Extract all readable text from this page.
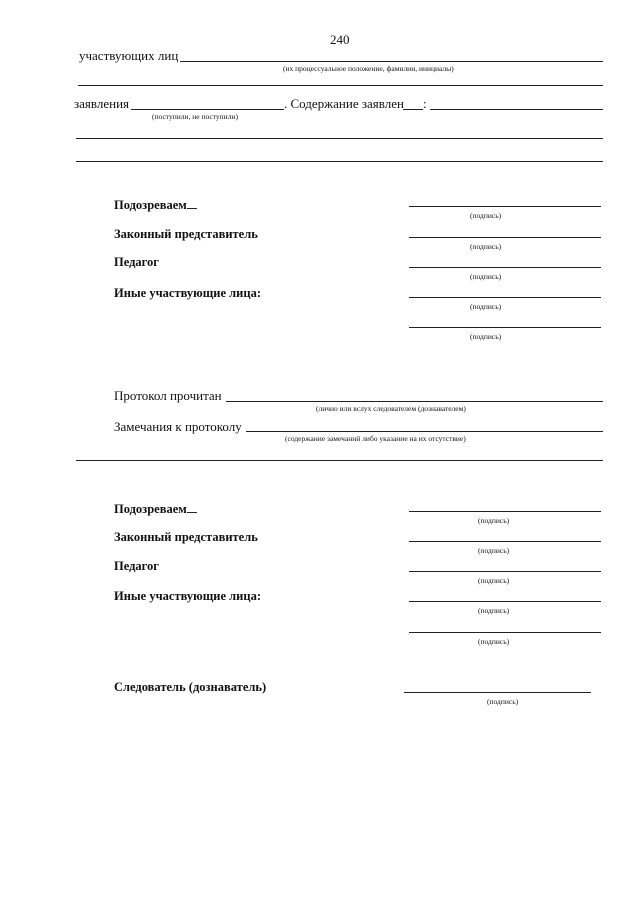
240
участвующих лиц
(их процессуальное положение, фамилии, инициалы)
заявления	. Содержание заявлен :
(поступили, не поступили)
Подозреваем
(подпись)
Законный представитель
(подпись)
Педагог
(подпись)
Иные участвующие лица:
(подпись)
(подпись)
Протокол прочитан
(лично или вслух следователем (дознавателем)
Замечания к протоколу
(содержание замечаний либо указание на их отсутствие)
Подозреваем
(подпись)
Законный представитель
(подпись)
Педагог
(подпись)
Иные участвующие лица:
(подпись)
(подпись)
Следователь (дознаватель)
(подпись)
